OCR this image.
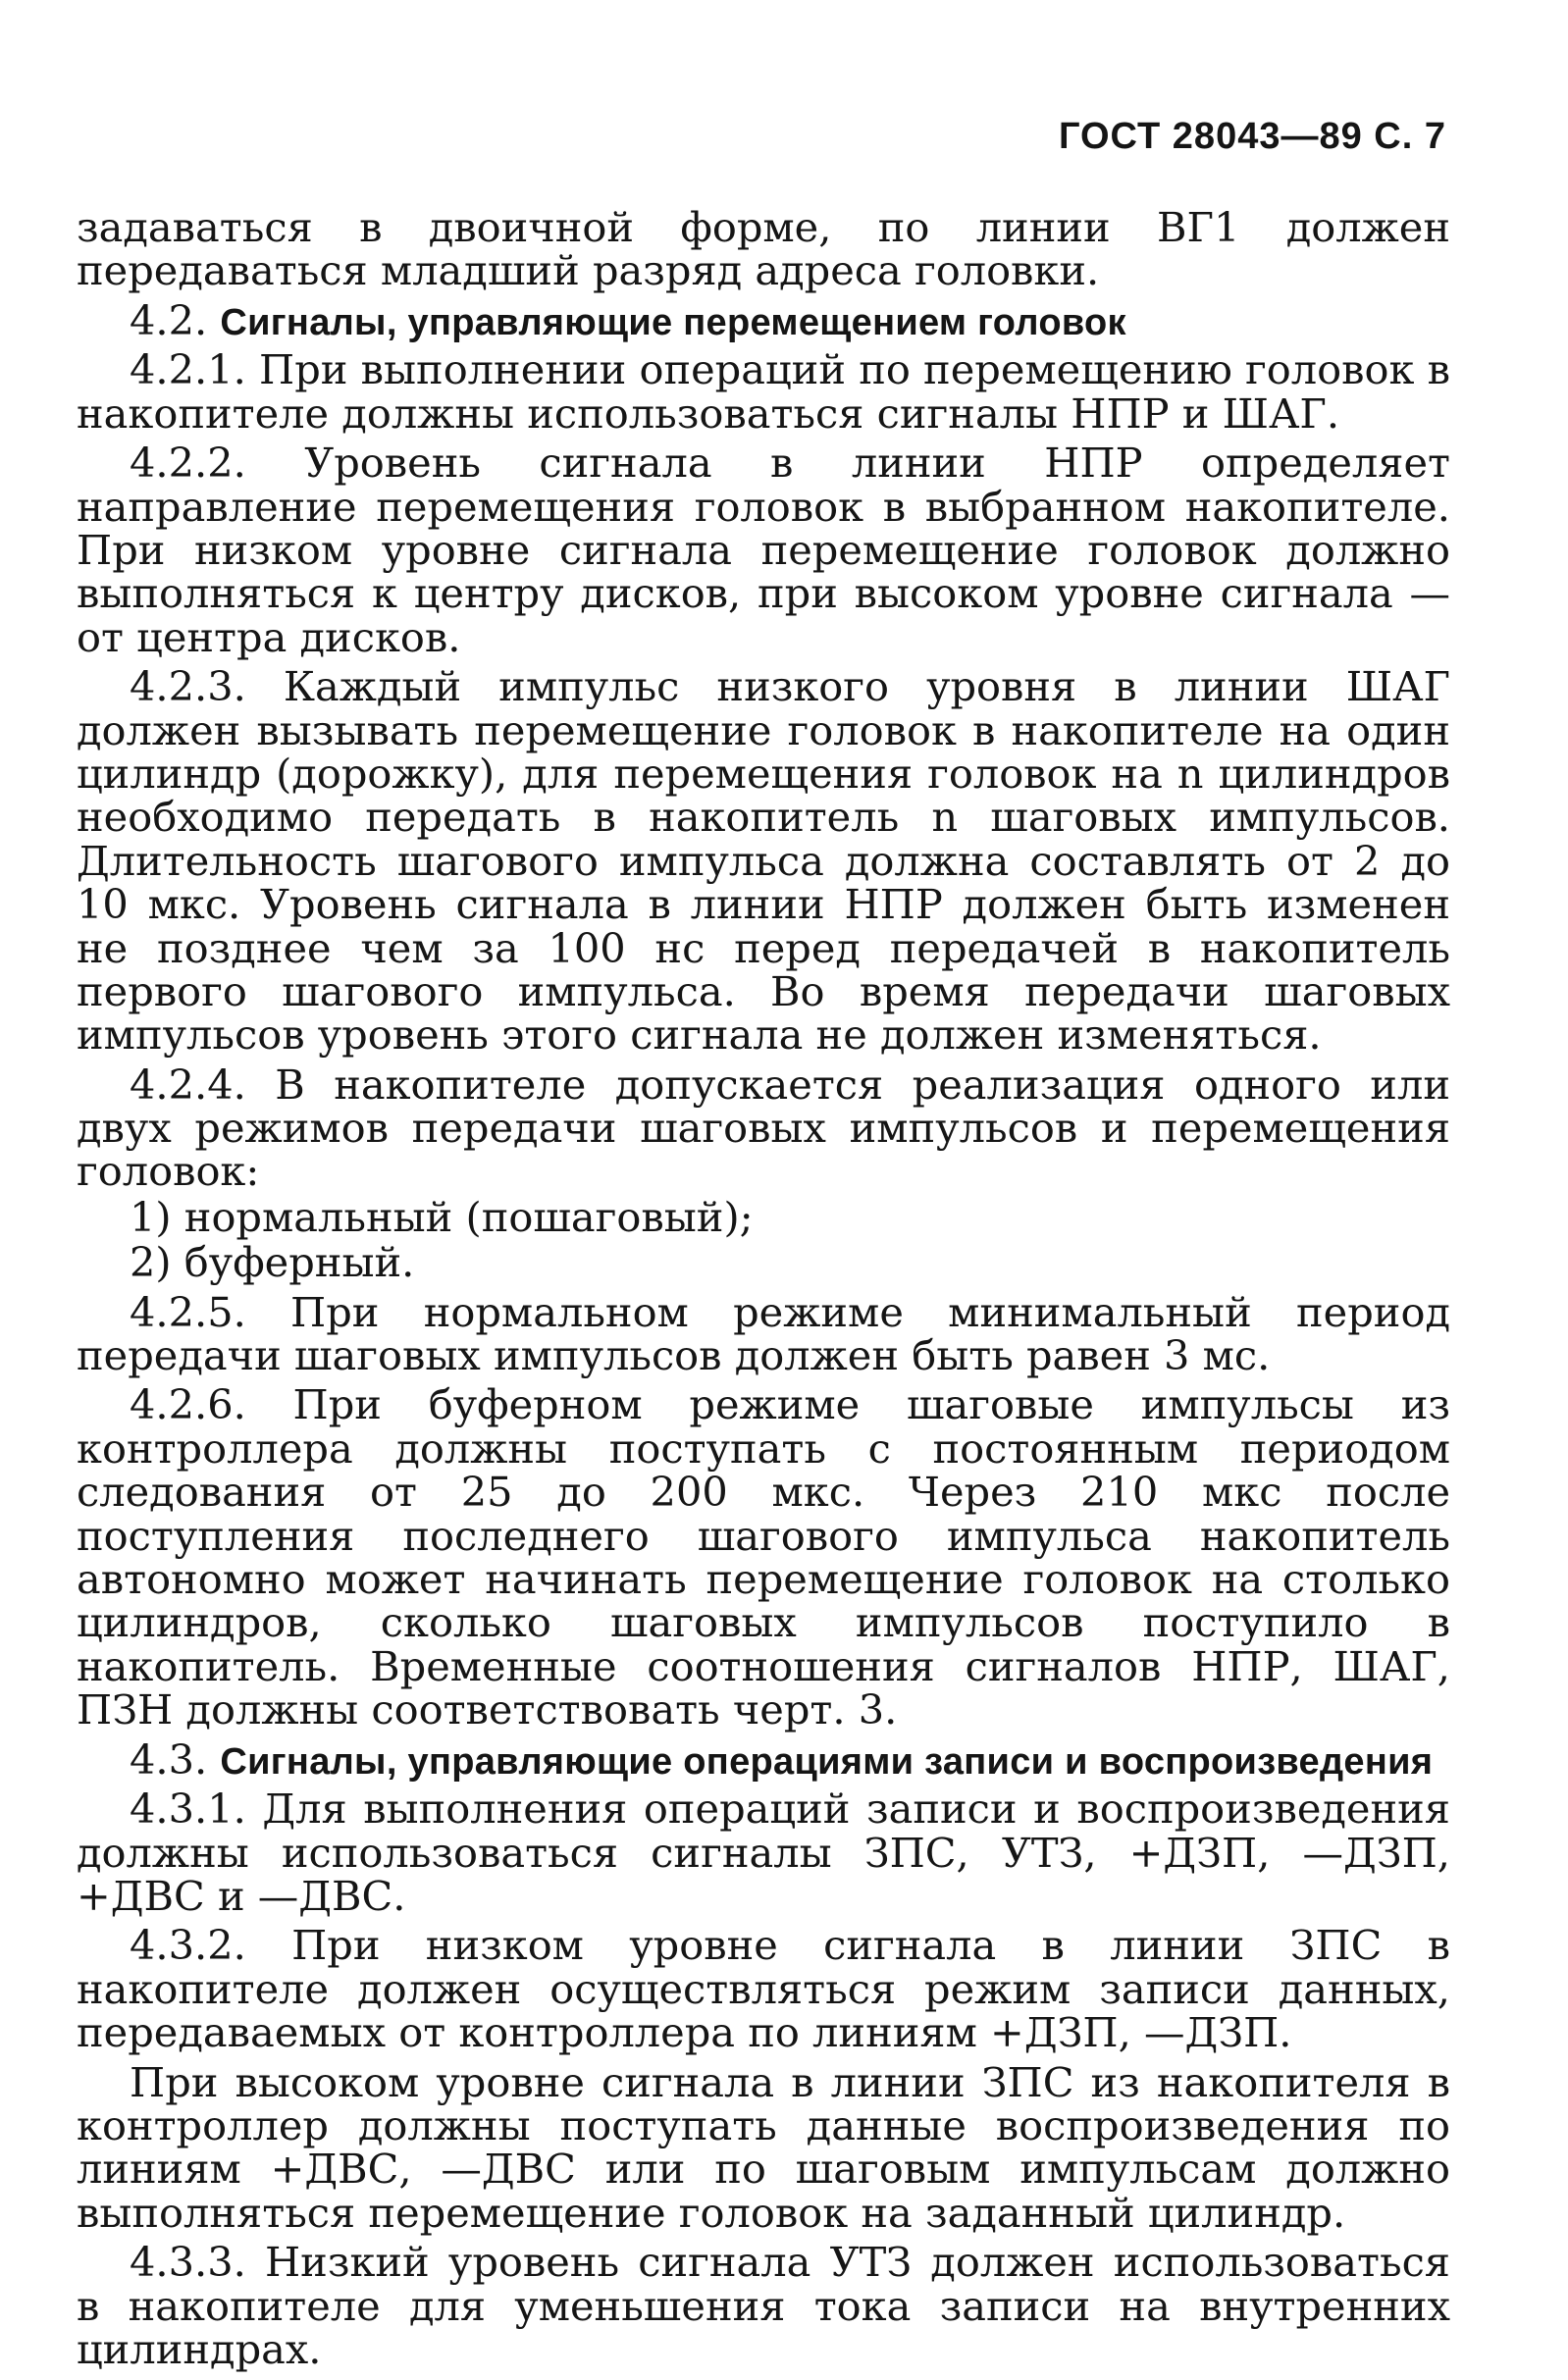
ГОСТ 28043—89 С. 7

задаваться в двоичной форме, по линии ВГ1 должен передаваться младший разряд адреса головки.

4.2. Сигналы, управляющие перемещением головок

4.2.1. При выполнении операций по перемещению головок в накопителе должны использоваться сигналы НПР и ШАГ.

4.2.2. Уровень сигнала в линии НПР определяет направление перемещения головок в выбранном накопителе. При низком уровне сигнала перемещение головок должно выполняться к центру дисков, при высоком уровне сигнала — от центра дисков.

4.2.3. Каждый импульс низкого уровня в линии ШАГ должен вызывать перемещение головок в накопителе на один цилиндр (дорожку), для перемещения головок на n цилиндров необходимо передать в накопитель n шаговых импульсов. Длительность шагового импульса должна составлять от 2 до 10 мкс. Уровень сигнала в линии НПР должен быть изменен не позднее чем за 100 нс перед передачей в накопитель первого шагового импульса. Во время передачи шаговых импульсов уровень этого сигнала не должен изменяться.

4.2.4. В накопителе допускается реализация одного или двух режимов передачи шаговых импульсов и перемещения головок:

1) нормальный (пошаговый);

2) буферный.

4.2.5. При нормальном режиме минимальный период передачи шаговых импульсов должен быть равен 3 мс.

4.2.6. При буферном режиме шаговые импульсы из контроллера должны поступать с постоянным периодом следования от 25 до 200 мкс. Через 210 мкс после поступления последнего шагового импульса накопитель автономно может начинать перемещение головок на столько цилиндров, сколько шаговых импульсов поступило в накопитель. Временные соотношения сигналов НПР, ШАГ, ПЗН должны соответствовать черт. 3.

4.3. Сигналы, управляющие операциями записи и воспроизведения

4.3.1. Для выполнения операций записи и воспроизведения должны использоваться сигналы ЗПС, УТЗ, +ДЗП, —ДЗП, +ДВС и —ДВС.

4.3.2. При низком уровне сигнала в линии ЗПС в накопителе должен осуществляться режим записи данных, передаваемых от контроллера по линиям +ДЗП, —ДЗП.

При высоком уровне сигнала в линии ЗПС из накопителя в контроллер должны поступать данные воспроизведения по линиям +ДВС, —ДВС или по шаговым импульсам должно выполняться перемещение головок на заданный цилиндр.

4.3.3. Низкий уровень сигнала УТЗ должен использоваться в накопителе для уменьшения тока записи на внутренних цилиндрах.
